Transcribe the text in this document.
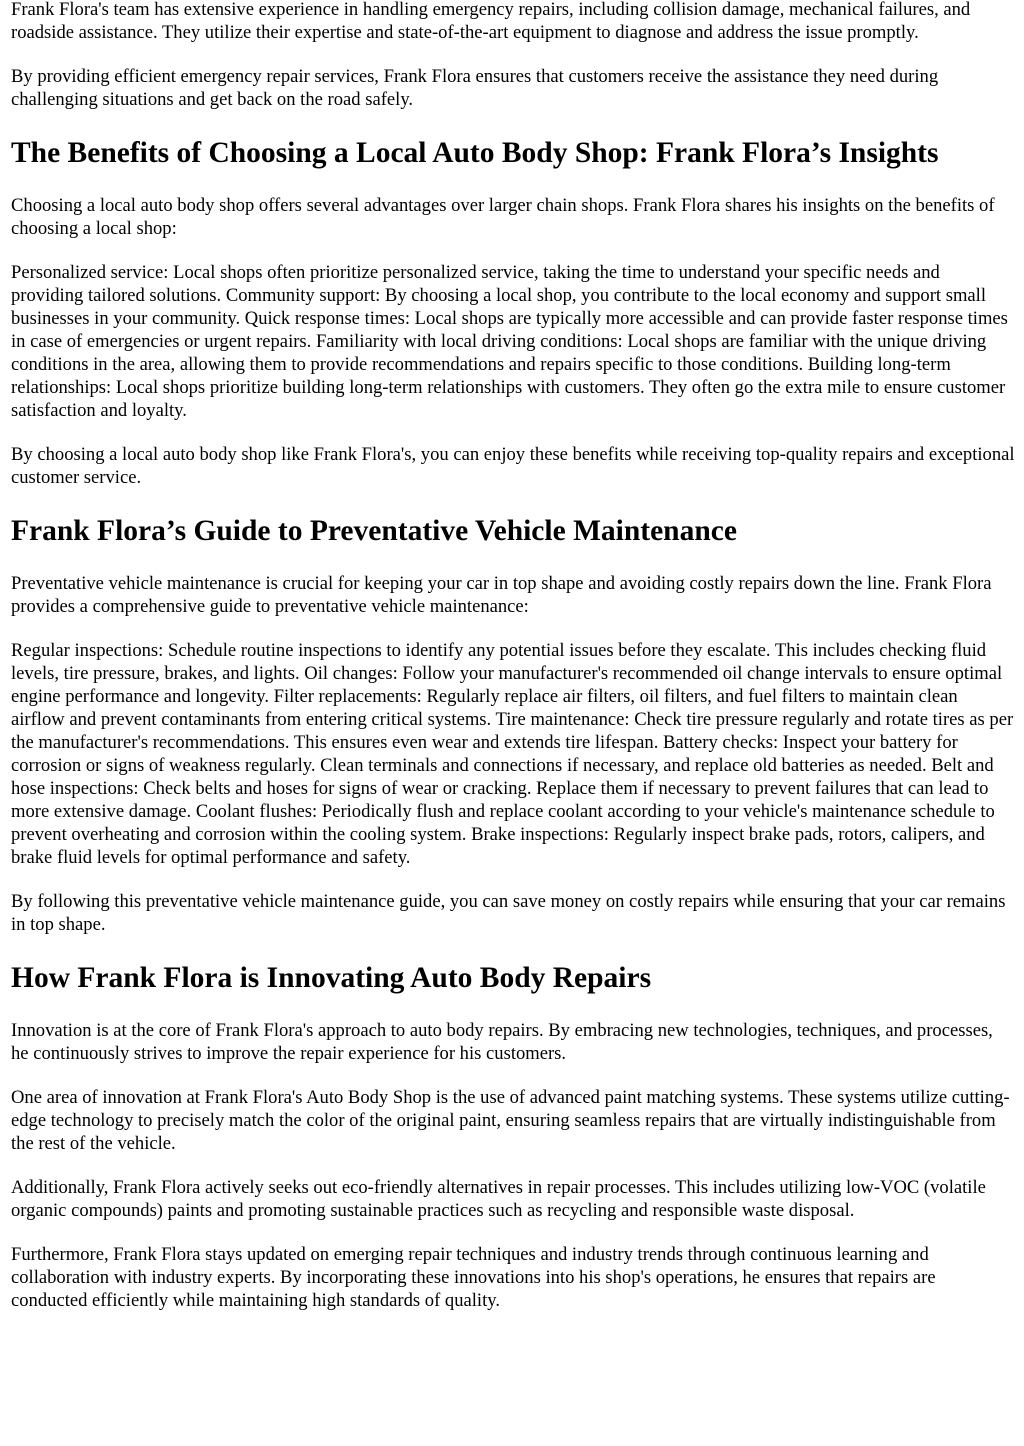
Frank Flora's team has extensive experience in handling emergency repairs, including collision damage, mechanical failures, and roadside assistance. They utilize their expertise and state-of-the-art equipment to diagnose and address the issue promptly.

By providing efficient emergency repair services, Frank Flora ensures that customers receive the assistance they need during challenging situations and get back on the road safely.

The Benefits of Choosing a Local Auto Body Shop: Frank Flora’s Insights

Choosing a local auto body shop offers several advantages over larger chain shops. Frank Flora shares his insights on the benefits of choosing a local shop:

Personalized service: Local shops often prioritize personalized service, taking the time to understand your specific needs and providing tailored solutions. Community support: By choosing a local shop, you contribute to the local economy and support small businesses in your community. Quick response times: Local shops are typically more accessible and can provide faster response times in case of emergencies or urgent repairs. Familiarity with local driving conditions: Local shops are familiar with the unique driving conditions in the area, allowing them to provide recommendations and repairs specific to those conditions. Building long-term relationships: Local shops prioritize building long-term relationships with customers. They often go the extra mile to ensure customer satisfaction and loyalty.

By choosing a local auto body shop like Frank Flora's, you can enjoy these benefits while receiving top-quality repairs and exceptional customer service.

Frank Flora’s Guide to Preventative Vehicle Maintenance

Preventative vehicle maintenance is crucial for keeping your car in top shape and avoiding costly repairs down the line. Frank Flora provides a comprehensive guide to preventative vehicle maintenance:

Regular inspections: Schedule routine inspections to identify any potential issues before they escalate. This includes checking fluid levels, tire pressure, brakes, and lights. Oil changes: Follow your manufacturer's recommended oil change intervals to ensure optimal engine performance and longevity. Filter replacements: Regularly replace air filters, oil filters, and fuel filters to maintain clean airflow and prevent contaminants from entering critical systems. Tire maintenance: Check tire pressure regularly and rotate tires as per the manufacturer's recommendations. This ensures even wear and extends tire lifespan. Battery checks: Inspect your battery for corrosion or signs of weakness regularly. Clean terminals and connections if necessary, and replace old batteries as needed. Belt and hose inspections: Check belts and hoses for signs of wear or cracking. Replace them if necessary to prevent failures that can lead to more extensive damage. Coolant flushes: Periodically flush and replace coolant according to your vehicle's maintenance schedule to prevent overheating and corrosion within the cooling system. Brake inspections: Regularly inspect brake pads, rotors, calipers, and brake fluid levels for optimal performance and safety.

By following this preventative vehicle maintenance guide, you can save money on costly repairs while ensuring that your car remains in top shape.

How Frank Flora is Innovating Auto Body Repairs

Innovation is at the core of Frank Flora's approach to auto body repairs. By embracing new technologies, techniques, and processes, he continuously strives to improve the repair experience for his customers.

One area of innovation at Frank Flora's Auto Body Shop is the use of advanced paint matching systems. These systems utilize cutting-edge technology to precisely match the color of the original paint, ensuring seamless repairs that are virtually indistinguishable from the rest of the vehicle.

Additionally, Frank Flora actively seeks out eco-friendly alternatives in repair processes. This includes utilizing low-VOC (volatile organic compounds) paints and promoting sustainable practices such as recycling and responsible waste disposal.

Furthermore, Frank Flora stays updated on emerging repair techniques and industry trends through continuous learning and collaboration with industry experts. By incorporating these innovations into his shop's operations, he ensures that repairs are conducted efficiently while maintaining high standards of quality.
